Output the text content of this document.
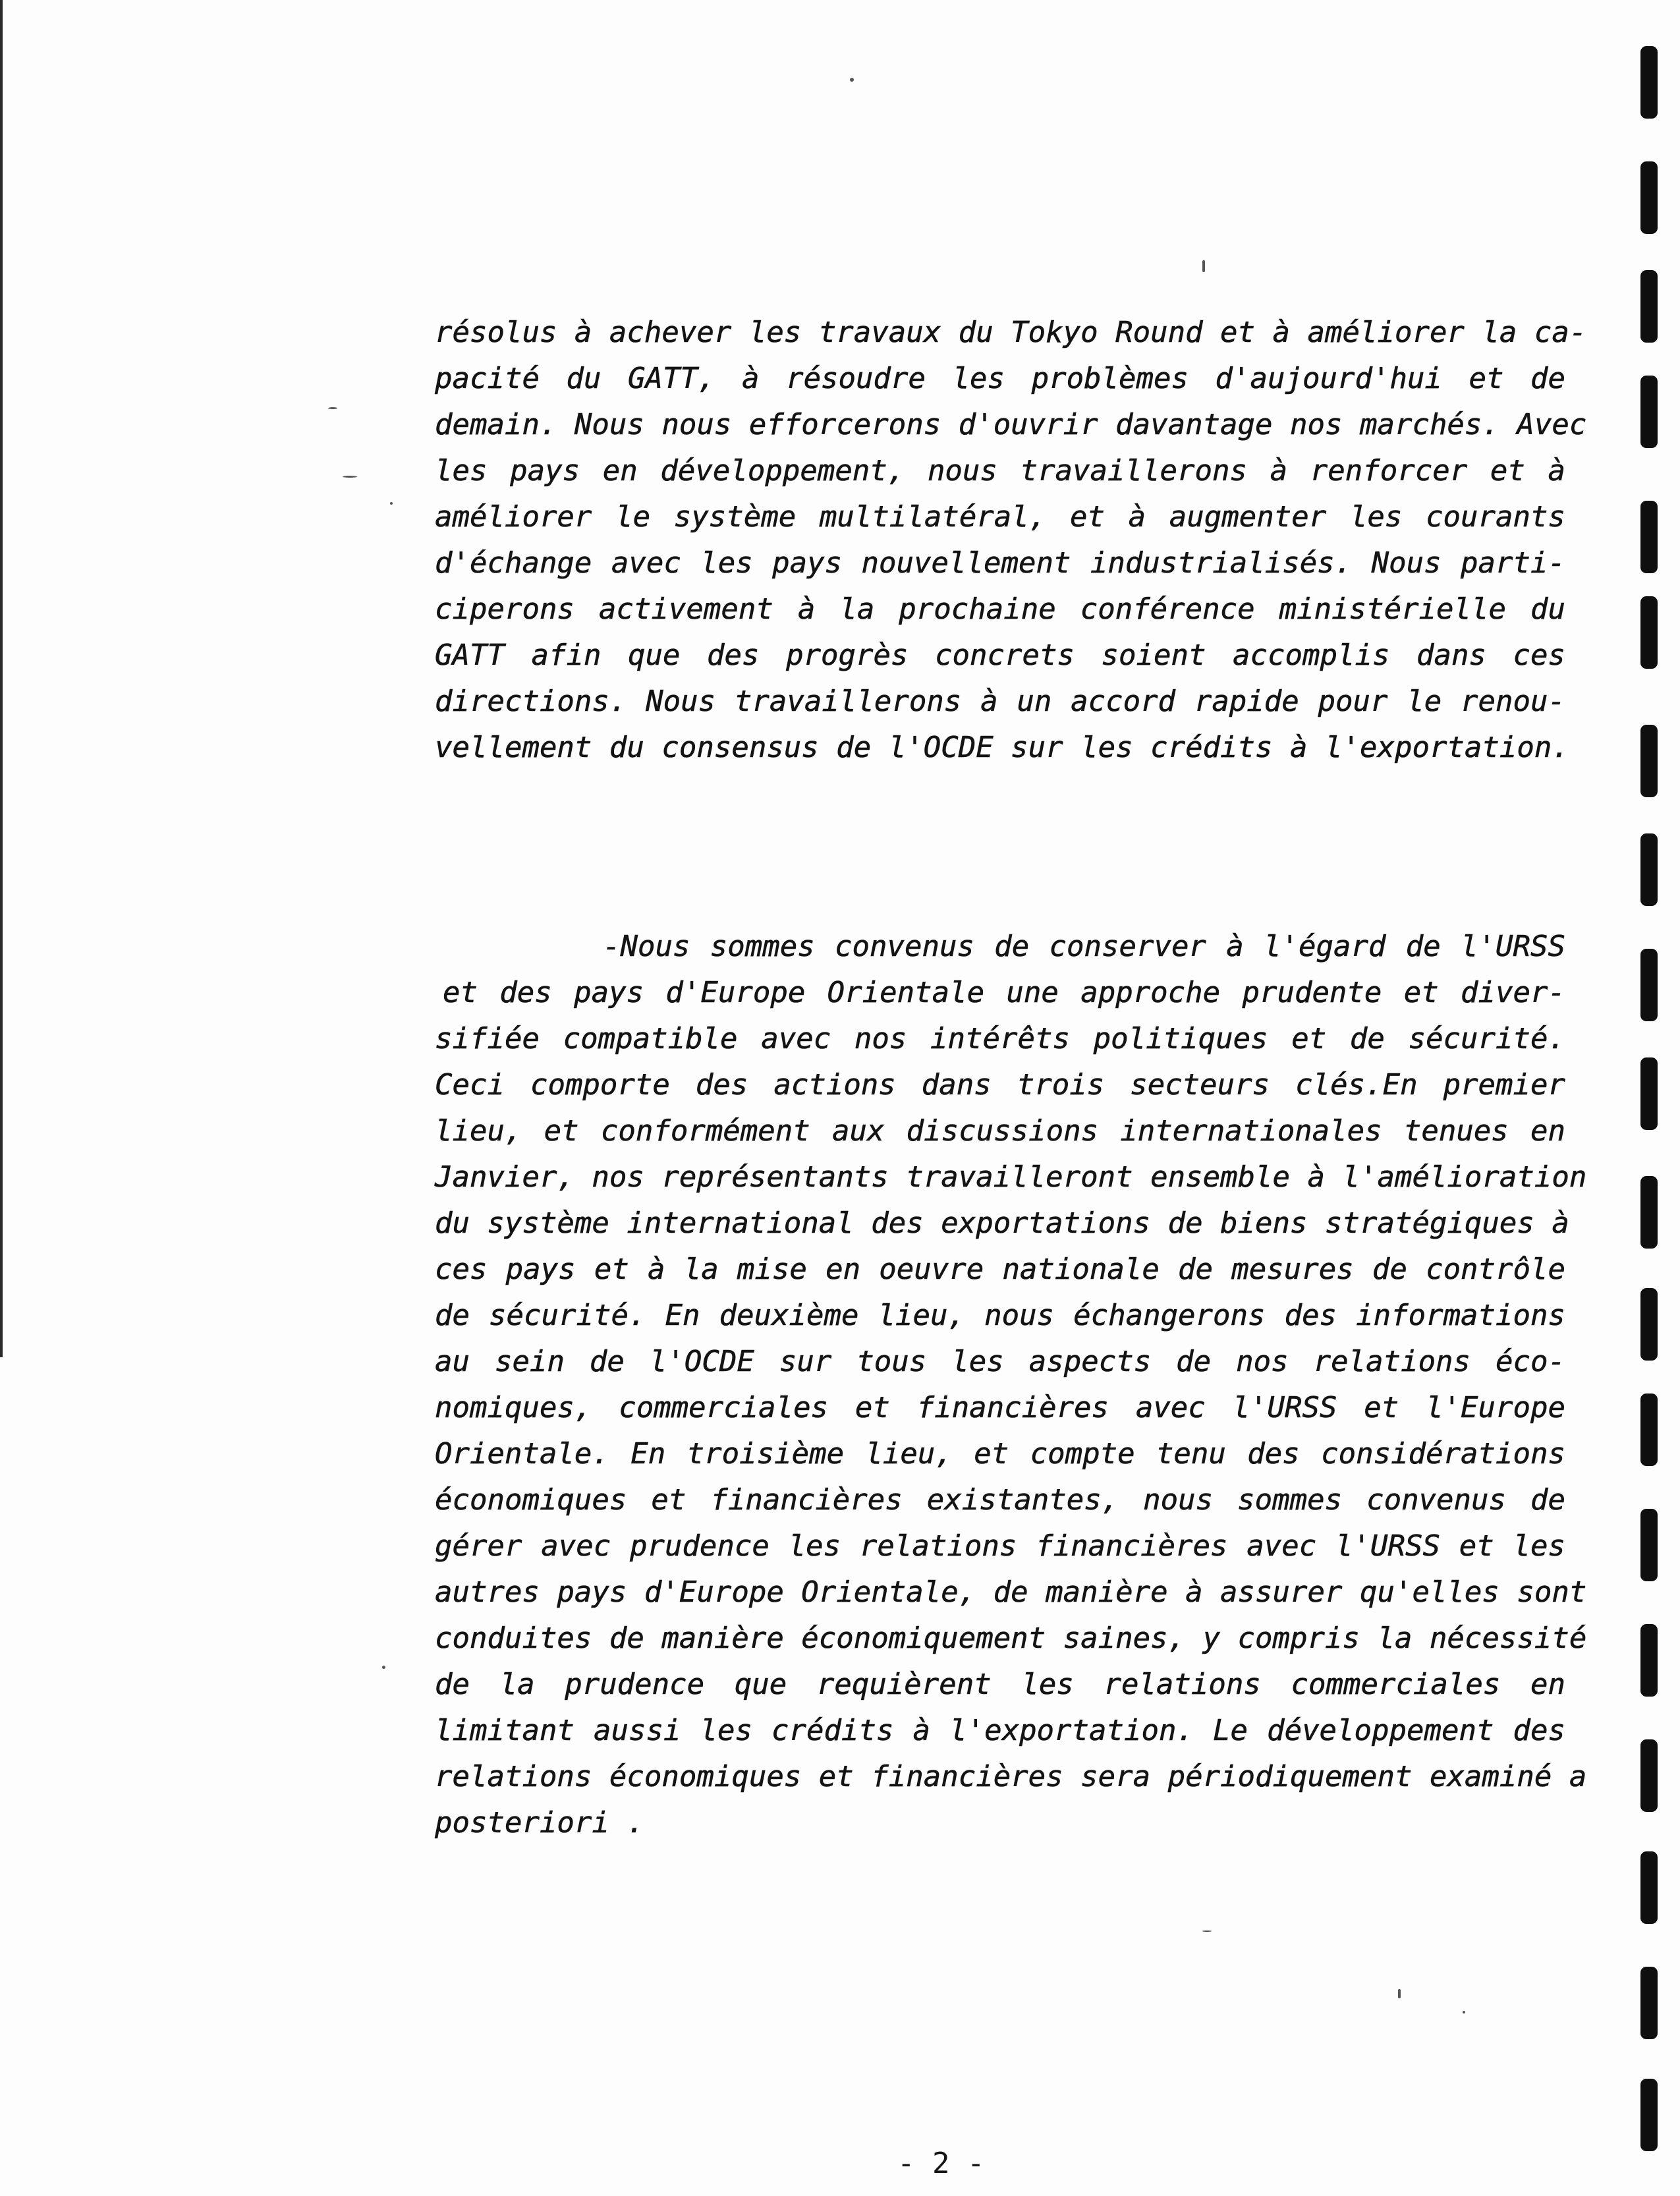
résolus à achever les travaux du Tokyo Round et à améliorer la ca-
pacité du GATT, à résoudre les problèmes d'aujourd'hui et de
demain. Nous nous efforcerons d'ouvrir davantage nos marchés. Avec
les pays en développement, nous travaillerons à renforcer et à
améliorer le système multilatéral, et à augmenter les courants
d'échange avec les pays nouvellement industrialisés. Nous parti-
ciperons activement à la prochaine conférence ministérielle du
GATT afin que des progrès concrets soient accomplis dans ces
directions. Nous travaillerons à un accord rapide pour le renou-
vellement du consensus de l'OCDE sur les crédits à l'exportation.
-Nous sommes convenus de conserver à l'égard de l'URSS
et des pays d'Europe Orientale une approche prudente et diver-
sifiée compatible avec nos intérêts politiques et de sécurité.
Ceci comporte des actions dans trois secteurs clés.En premier
lieu, et conformément aux discussions internationales tenues en
Janvier, nos représentants travailleront ensemble à l'amélioration
du système international des exportations de biens stratégiques à
ces pays et à la mise en oeuvre nationale de mesures de contrôle
de sécurité. En deuxième lieu, nous échangerons des informations
au sein de l'OCDE sur tous les aspects de nos relations éco-
nomiques, commerciales et financières avec l'URSS et l'Europe
Orientale. En troisième lieu, et compte tenu des considérations
économiques et financières existantes, nous sommes convenus de
gérer avec prudence les relations financières avec l'URSS et les
autres pays d'Europe Orientale, de manière à assurer qu'elles sont
conduites de manière économiquement saines, y compris la nécessité
de la prudence que requièrent les relations commerciales en
limitant aussi les crédits à l'exportation. Le développement des
relations économiques et financières sera périodiquement examiné a
posteriori .
- 2 -
